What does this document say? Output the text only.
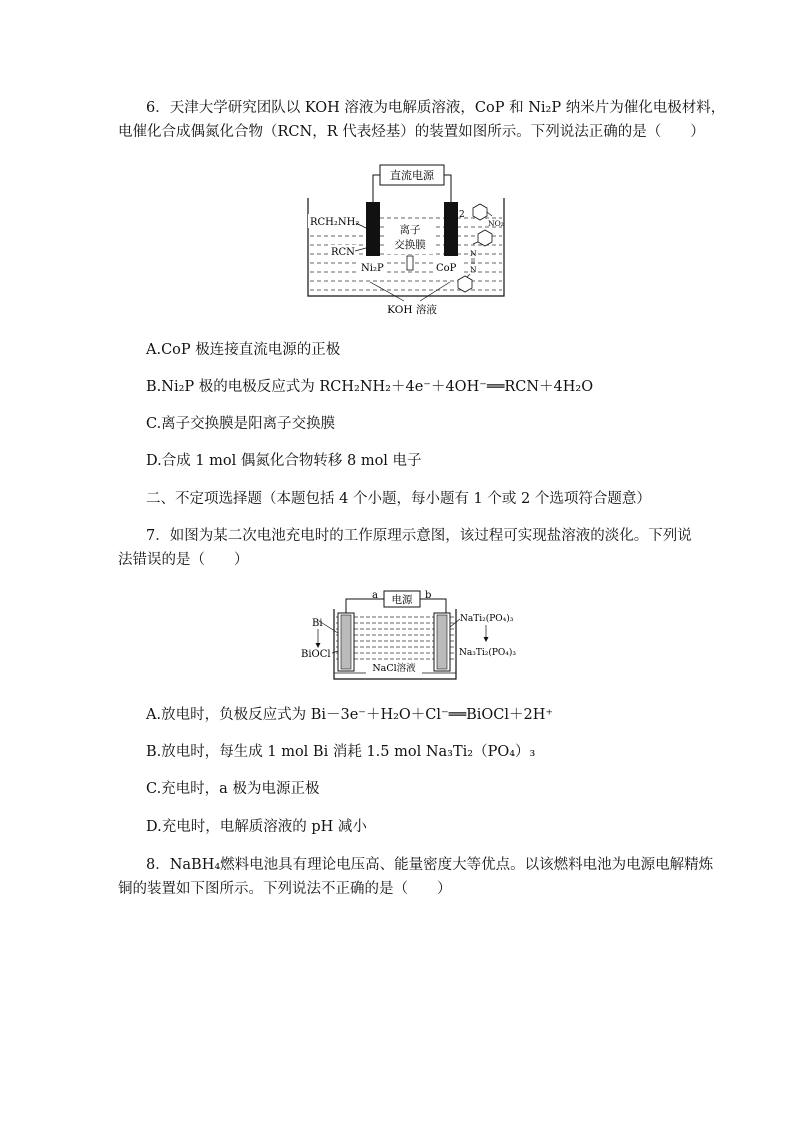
6．天津大学研究团队以 KOH 溶液为电解质溶液，CoP 和 Ni₂P 纳米片为催化电极材料，
电催化合成偶氮化合物（RCN，R 代表烃基）的装置如图所示。下列说法正确的是（　　）
直流电源
离子
交换膜
RCH₂NH₂
RCN
Ni₂P	CoP
2
NO₂
N
N
KOH 溶液
A.CoP 极连接直流电源的正极
B.Ni₂P 极的电极反应式为 RCH₂NH₂＋4e⁻＋4OH⁻══RCN＋4H₂O
C.离子交换膜是阳离子交换膜
D.合成 1 mol 偶氮化合物转移 8 mol 电子
二、不定项选择题（本题包括 4 个小题，每小题有 1 个或 2 个选项符合题意）
7．如图为某二次电池充电时的工作原理示意图，该过程可实现盐溶液的淡化。下列说
法错误的是（　　）
电源
a	b
NaCl溶液
Bi
BiOCl
NaTi₂(PO₄)₃
Na₃Ti₂(PO₄)₃
A.放电时，负极反应式为 Bi－3e⁻＋H₂O＋Cl⁻══BiOCl＋2H⁺
B.放电时，每生成 1 mol Bi 消耗 1.5 mol Na₃Ti₂（PO₄）₃
C.充电时，a 极为电源正极
D.充电时，电解质溶液的 pH 减小
8．NaBH₄燃料电池具有理论电压高、能量密度大等优点。以该燃料电池为电源电解精炼
铜的装置如下图所示。下列说法不正确的是（　　）
